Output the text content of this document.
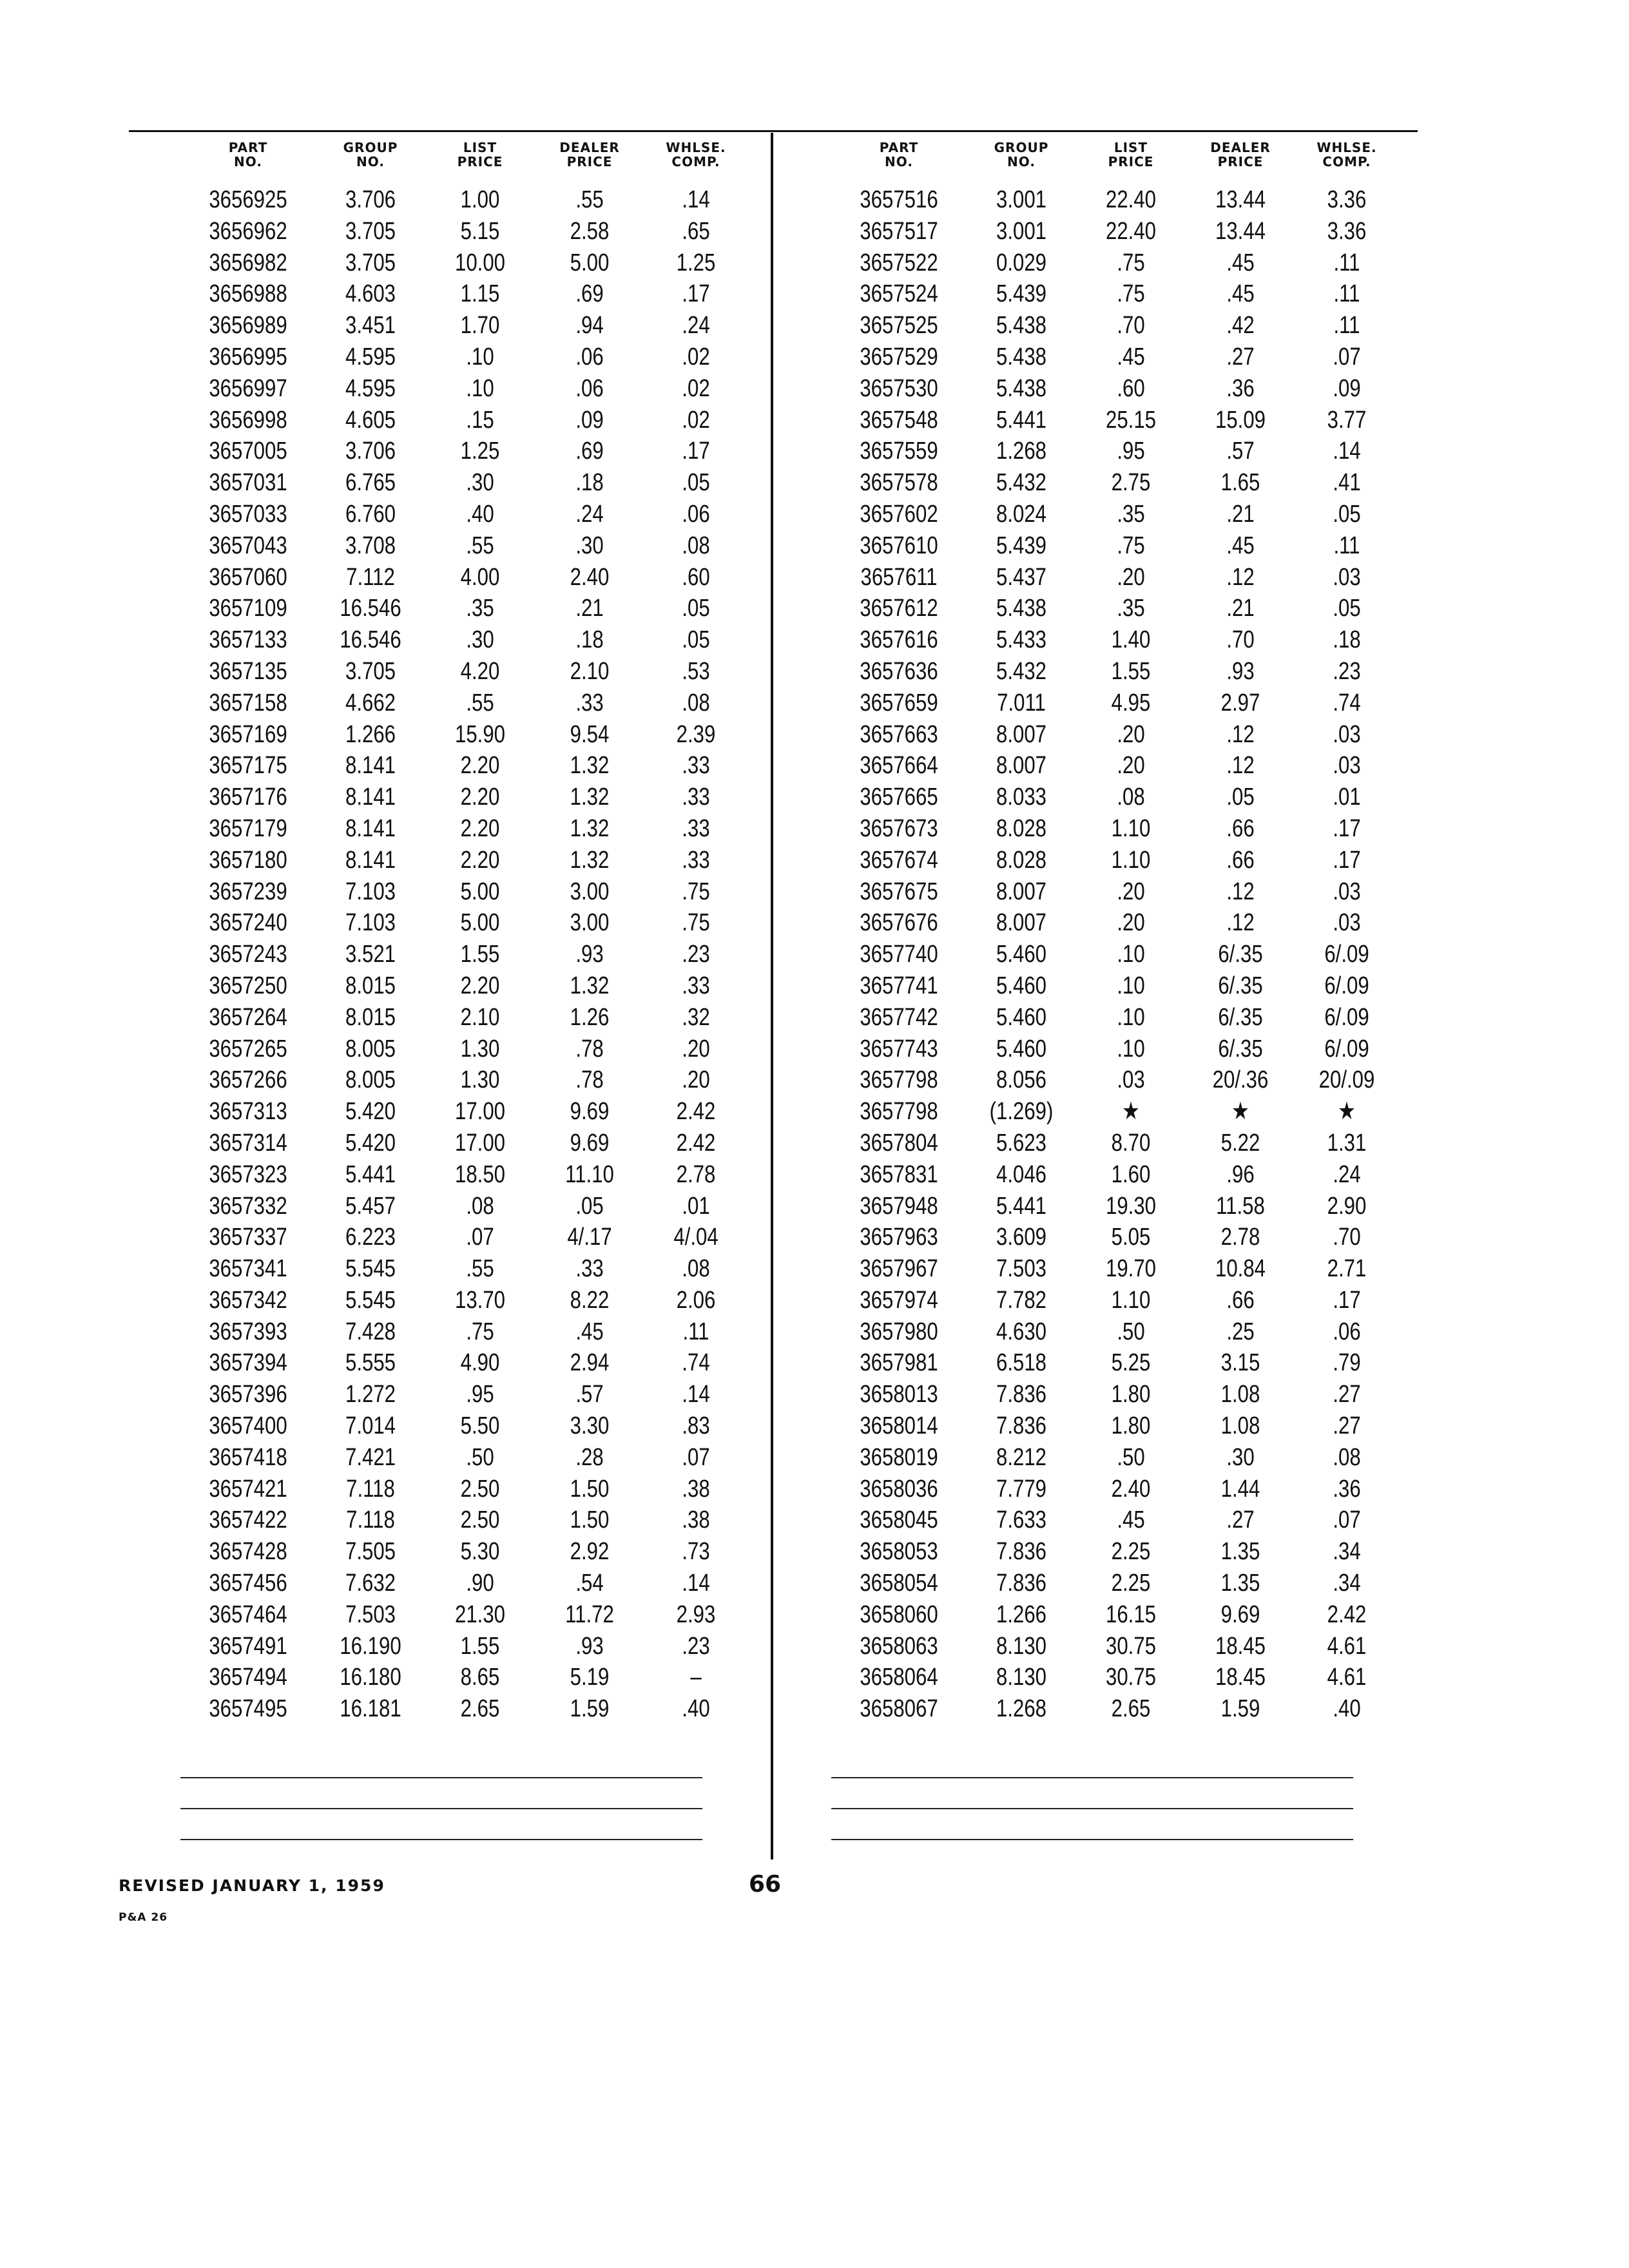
PART
NO.
GROUP
NO.
LIST
PRICE
DEALER
PRICE
WHLSE.
COMP.
3656925	3.706	1.00	.55	.14
3656962	3.705	5.15	2.58	.65
3656982	3.705	10.00	5.00	1.25
3656988	4.603	1.15	.69	.17
3656989	3.451	1.70	.94	.24
3656995	4.595	.10	.06	.02
3656997	4.595	.10	.06	.02
3656998	4.605	.15	.09	.02
3657005	3.706	1.25	.69	.17
3657031	6.765	.30	.18	.05
3657033	6.760	.40	.24	.06
3657043	3.708	.55	.30	.08
3657060	7.112	4.00	2.40	.60
3657109	16.546	.35	.21	.05
3657133	16.546	.30	.18	.05
3657135	3.705	4.20	2.10	.53
3657158	4.662	.55	.33	.08
3657169	1.266	15.90	9.54	2.39
3657175	8.141	2.20	1.32	.33
3657176	8.141	2.20	1.32	.33
3657179	8.141	2.20	1.32	.33
3657180	8.141	2.20	1.32	.33
3657239	7.103	5.00	3.00	.75
3657240	7.103	5.00	3.00	.75
3657243	3.521	1.55	.93	.23
3657250	8.015	2.20	1.32	.33
3657264	8.015	2.10	1.26	.32
3657265	8.005	1.30	.78	.20
3657266	8.005	1.30	.78	.20
3657313	5.420	17.00	9.69	2.42
3657314	5.420	17.00	9.69	2.42
3657323	5.441	18.50	11.10	2.78
3657332	5.457	.08	.05	.01
3657337	6.223	.07	4/.17	4/.04
3657341	5.545	.55	.33	.08
3657342	5.545	13.70	8.22	2.06
3657393	7.428	.75	.45	.11
3657394	5.555	4.90	2.94	.74
3657396	1.272	.95	.57	.14
3657400	7.014	5.50	3.30	.83
3657418	7.421	.50	.28	.07
3657421	7.118	2.50	1.50	.38
3657422	7.118	2.50	1.50	.38
3657428	7.505	5.30	2.92	.73
3657456	7.632	.90	.54	.14
3657464	7.503	21.30	11.72	2.93
3657491	16.190	1.55	.93	.23
3657494	16.180	8.65	5.19	–
3657495	16.181	2.65	1.59	.40
PART
NO.
GROUP
NO.
LIST
PRICE
DEALER
PRICE
WHLSE.
COMP.
3657516	3.001	22.40	13.44	3.36
3657517	3.001	22.40	13.44	3.36
3657522	0.029	.75	.45	.11
3657524	5.439	.75	.45	.11
3657525	5.438	.70	.42	.11
3657529	5.438	.45	.27	.07
3657530	5.438	.60	.36	.09
3657548	5.441	25.15	15.09	3.77
3657559	1.268	.95	.57	.14
3657578	5.432	2.75	1.65	.41
3657602	8.024	.35	.21	.05
3657610	5.439	.75	.45	.11
3657611	5.437	.20	.12	.03
3657612	5.438	.35	.21	.05
3657616	5.433	1.40	.70	.18
3657636	5.432	1.55	.93	.23
3657659	7.011	4.95	2.97	.74
3657663	8.007	.20	.12	.03
3657664	8.007	.20	.12	.03
3657665	8.033	.08	.05	.01
3657673	8.028	1.10	.66	.17
3657674	8.028	1.10	.66	.17
3657675	8.007	.20	.12	.03
3657676	8.007	.20	.12	.03
3657740	5.460	.10	6/.35	6/.09
3657741	5.460	.10	6/.35	6/.09
3657742	5.460	.10	6/.35	6/.09
3657743	5.460	.10	6/.35	6/.09
3657798	8.056	.03	20/.36	20/.09
3657798	(1.269)	★	★	★
3657804	5.623	8.70	5.22	1.31
3657831	4.046	1.60	.96	.24
3657948	5.441	19.30	11.58	2.90
3657963	3.609	5.05	2.78	.70
3657967	7.503	19.70	10.84	2.71
3657974	7.782	1.10	.66	.17
3657980	4.630	.50	.25	.06
3657981	6.518	5.25	3.15	.79
3658013	7.836	1.80	1.08	.27
3658014	7.836	1.80	1.08	.27
3658019	8.212	.50	.30	.08
3658036	7.779	2.40	1.44	.36
3658045	7.633	.45	.27	.07
3658053	7.836	2.25	1.35	.34
3658054	7.836	2.25	1.35	.34
3658060	1.266	16.15	9.69	2.42
3658063	8.130	30.75	18.45	4.61
3658064	8.130	30.75	18.45	4.61
3658067	1.268	2.65	1.59	.40
REVISED JANUARY 1, 1959
P&A 26
66
